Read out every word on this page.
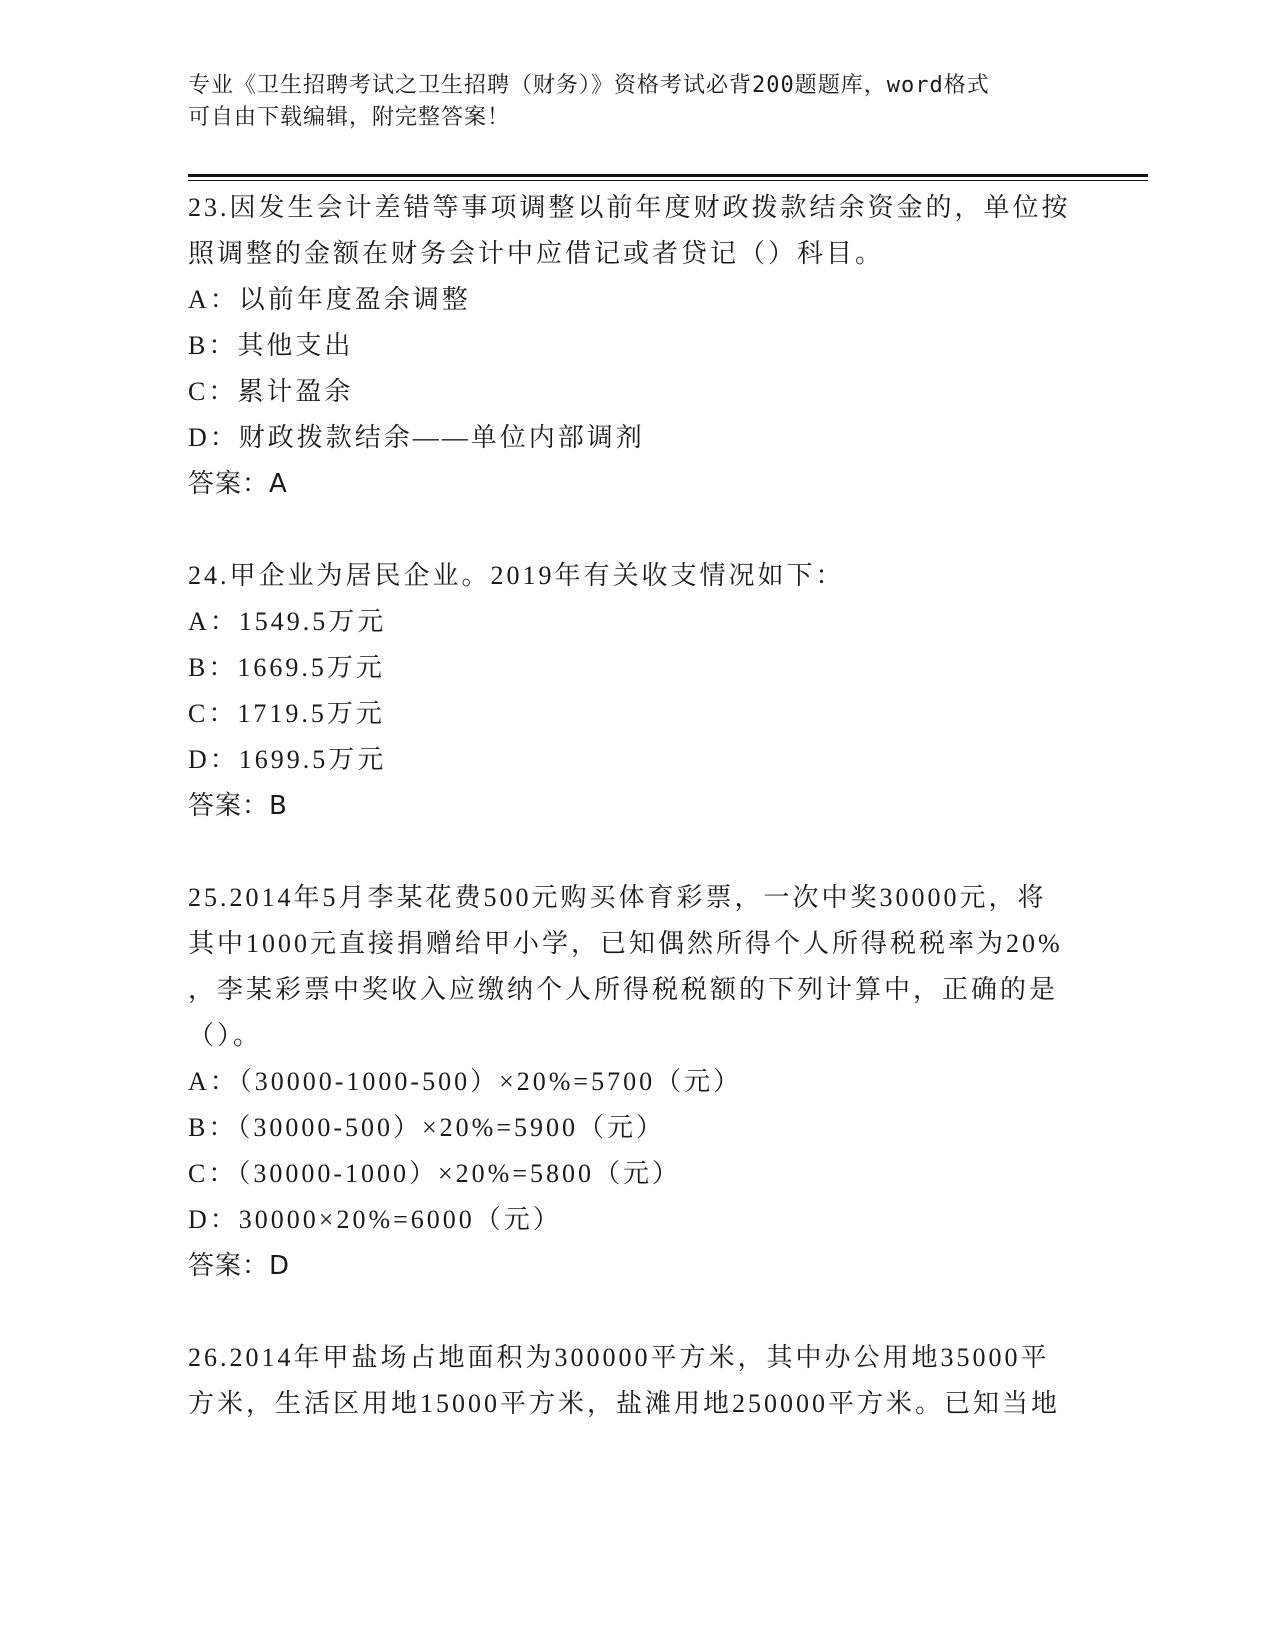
专业《卫生招聘考试之卫生招聘（财务）》资格考试必背200题题库，word格式
可自由下载编辑，附完整答案！
23.因发生会计差错等事项调整以前年度财政拨款结余资金的，单位按
照调整的金额在财务会计中应借记或者贷记（）科目。
A：以前年度盈余调整
B：其他支出
C：累计盈余
D：财政拨款结余——单位内部调剂
答案：A
24.甲企业为居民企业。2019年有关收支情况如下：
A：1549.5万元
B：1669.5万元
C：1719.5万元
D：1699.5万元
答案：B
25.2014年5月李某花费500元购买体育彩票，一次中奖30000元，将
其中1000元直接捐赠给甲小学，已知偶然所得个人所得税税率为20%
，李某彩票中奖收入应缴纳个人所得税税额的下列计算中，正确的是
（）。
A：（30000-1000-500）×20%=5700（元）
B：（30000-500）×20%=5900（元）
C：（30000-1000）×20%=5800（元）
D：30000×20%=6000（元）
答案：D
26.2014年甲盐场占地面积为300000平方米，其中办公用地35000平
方米，生活区用地15000平方米，盐滩用地250000平方米。已知当地
